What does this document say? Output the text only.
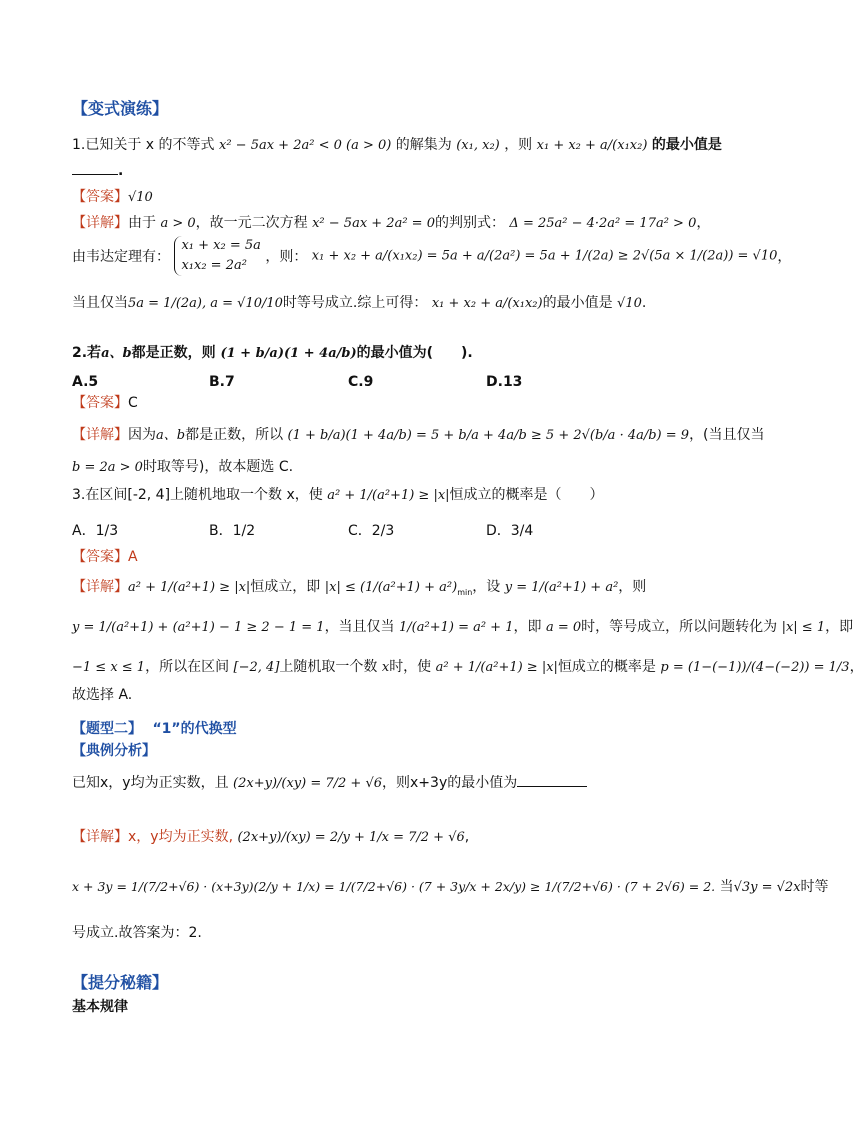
【变式演练】
1.已知关于 x 的不等式 x² − 5ax + 2a² < 0 (a > 0) 的解集为 (x₁, x₂) ，则 x₁ + x₂ + a/(x₁x₂) 的最小值是
.
【答案】√10
【详解】由于 a > 0，故一元二次方程 x² − 5ax + 2a² = 0的判别式： Δ = 25a² − 4·2a² = 17a² > 0，
由韦达定理有：
x₁ + x₂ = 5a
x₁x₂ = 2a²
，则： x₁ + x₂ + a/(x₁x₂) = 5a + a/(2a²) = 5a + 1/(2a) ≥ 2√(5a × 1/(2a)) = √10，
当且仅当5a = 1/(2a), a = √10/10时等号成立.综上可得： x₁ + x₂ + a/(x₁x₂)的最小值是 √10.
2.若a、b都是正数，则 (1 + b/a)(1 + 4a/b)的最小值为(　　).
A.5	B.7	C.9	D.13
【答案】C
【详解】因为a、b都是正数，所以 (1 + b/a)(1 + 4a/b) = 5 + b/a + 4a/b ≥ 5 + 2√(b/a · 4a/b) = 9，(当且仅当
b = 2a > 0时取等号)，故本题选 C.
3.在区间[-2, 4]上随机地取一个数 x，使 a² + 1/(a²+1) ≥ |x|恒成立的概率是（　　）
A．1/3	B．1/2	C．2/3	D．3/4
【答案】A
【详解】a² + 1/(a²+1) ≥ |x|恒成立，即 $|x| \le (1/(a^2+1) + a^2)_{min}$，设 y = 1/(a²+1) + a²，则
y = 1/(a²+1) + (a²+1) − 1 ≥ 2 − 1 = 1，当且仅当 1/(a²+1) = a² + 1，即 a = 0时，等号成立，所以问题转化为 |x| ≤ 1，即
−1 ≤ x ≤ 1，所以在区间 [−2, 4]上随机取一个数 x时，使 a² + 1/(a²+1) ≥ |x|恒成立的概率是 p = (1−(−1))/(4−(−2)) = 1/3，
故选择 A.
【题型二】 “1”的代换型
【典例分析】
已知x，y均为正实数，且 (2x+y)/(xy) = 7/2 + √6，则x+3y的最小值为
【详解】x，y均为正实数, (2x+y)/(xy) = 2/y + 1/x = 7/2 + √6,
x + 3y = 1/(7/2+√6) · (x+3y)(2/y + 1/x) = 1/(7/2+√6) · (7 + 3y/x + 2x/y) ≥ 1/(7/2+√6) · (7 + 2√6) = 2. 当√3y = √2x时等
号成立.故答案为：2.
【提分秘籍】
基本规律
